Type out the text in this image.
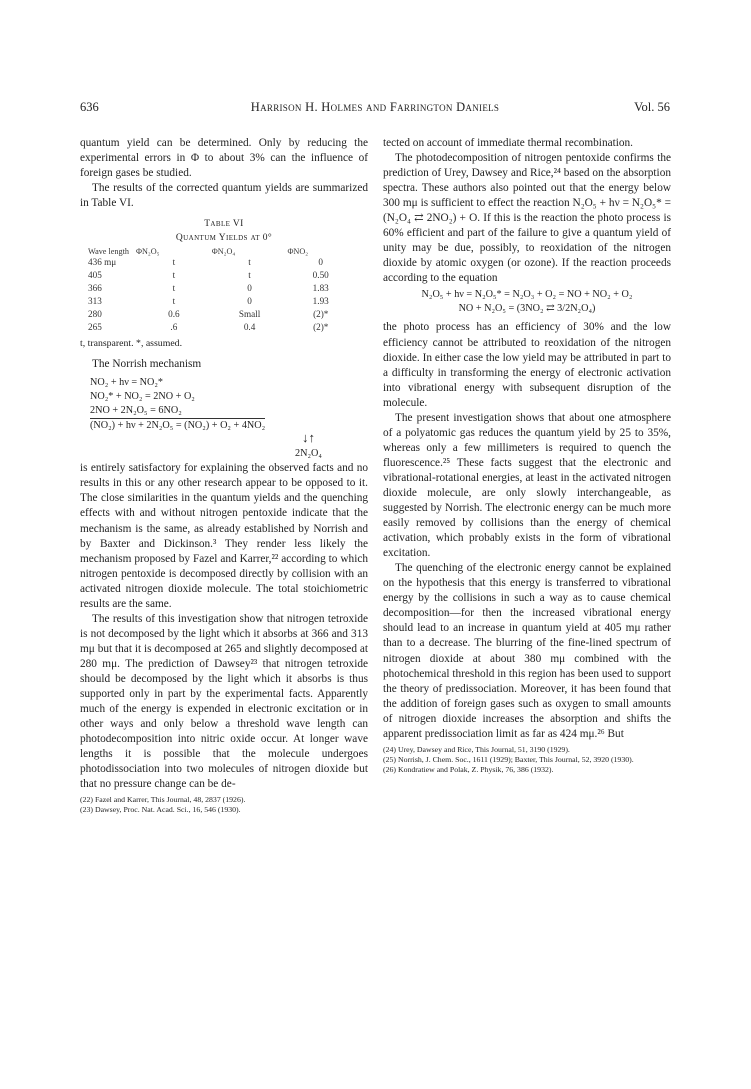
636	Harrison H. Holmes and Farrington Daniels	Vol. 56

quantum yield can be determined. Only by reducing the experimental errors in Φ to about 3% can the influence of foreign gases be studied.

The results of the corrected quantum yields are summarized in Table VI.

Table VI
Quantum Yields at 0°
Wave length	ΦN₂O₅	ΦN₂O₄	ΦNO₂
436 mμ	t	t	0
405	t	t	0.50
366	t	0	1.83
313	t	0	1.93
280	0.6	Small	(2)*
265	.6	0.4	(2)*
t, transparent. *, assumed.

The Norrish mechanism

NO₂ + hν = NO₂*
NO₂* + NO₂ = 2NO + O₂
2NO + 2N₂O₅ = 6NO₂
(NO₂) + hν + 2N₂O₅ = (NO₂) + O₂ + 4NO₂
↓↑
2N₂O₄

is entirely satisfactory for explaining the observed facts and no results in this or any other research appear to be opposed to it. The close similarities in the quantum yields and the quenching effects with and without nitrogen pentoxide indicate that the mechanism is the same, as already established by Norrish and by Baxter and Dickinson.³ They render less likely the mechanism proposed by Fazel and Karrer,²² according to which nitrogen pentoxide is decomposed directly by collision with an activated nitrogen dioxide molecule. The total stoichiometric results are the same.

The results of this investigation show that nitrogen tetroxide is not decomposed by the light which it absorbs at 366 and 313 mμ but that it is decomposed at 265 and slightly decomposed at 280 mμ. The prediction of Dawsey²³ that nitrogen tetroxide should be decomposed by the light which it absorbs is thus supported only in part by the experimental facts. Apparently much of the energy is expended in electronic excitation or in other ways and only below a threshold wave length can photodecomposition into nitric oxide occur. At longer wave lengths it is possible that the molecule undergoes photodissociation into two molecules of nitrogen dioxide but that no pressure change can be de-

(22) Fazel and Karrer, This Journal, 48, 2837 (1926).
(23) Dawsey, Proc. Nat. Acad. Sci., 16, 546 (1930).

tected on account of immediate thermal recombination.

The photodecomposition of nitrogen pentoxide confirms the prediction of Urey, Dawsey and Rice,²⁴ based on the absorption spectra. These authors also pointed out that the energy below 300 mμ is sufficient to effect the reaction N₂O₅ + hν = N₂O₅* = (N₂O₄ ⇄ 2NO₂) + O. If this is the reaction the photo process is 60% efficient and part of the failure to give a quantum yield of unity may be due, possibly, to reoxidation of the nitrogen dioxide by atomic oxygen (or ozone). If the reaction proceeds according to the equation

N₂O₅ + hν = N₂O₅* = N₂O₃ + O₂ = NO + NO₂ + O₂
NO + N₂O₅ = (3NO₂ ⇄ 3/2N₂O₄)

the photo process has an efficiency of 30% and the low efficiency cannot be attributed to reoxidation of the nitrogen dioxide. In either case the low yield may be attributed in part to a difficulty in transforming the energy of electronic activation into vibrational energy with subsequent disruption of the molecule.

The present investigation shows that about one atmosphere of a polyatomic gas reduces the quantum yield by 25 to 35%, whereas only a few millimeters is required to quench the fluorescence.²⁵ These facts suggest that the electronic and vibrational-rotational energies, at least in the activated nitrogen dioxide molecule, are only slowly interchangeable, as suggested by Norrish. The electronic energy can be much more easily removed by collisions than the energy of chemical activation, which probably exists in the form of vibrational excitation.

The quenching of the electronic energy cannot be explained on the hypothesis that this energy is transferred to vibrational energy by the collisions in such a way as to cause chemical decomposition—for then the increased vibrational energy should lead to an increase in quantum yield at 405 mμ rather than to a decrease. The blurring of the fine-lined spectrum of nitrogen dioxide at about 380 mμ combined with the photochemical threshold in this region has been used to support the theory of predissociation. Moreover, it has been found that the addition of foreign gases such as oxygen to small amounts of nitrogen dioxide increases the absorption and shifts the apparent predissociation limit as far as 424 mμ.²⁶ But

(24) Urey, Dawsey and Rice, This Journal, 51, 3190 (1929).
(25) Norrish, J. Chem. Soc., 1611 (1929); Baxter, This Journal, 52, 3920 (1930).
(26) Kondratiew and Polak, Z. Physik, 76, 386 (1932).
